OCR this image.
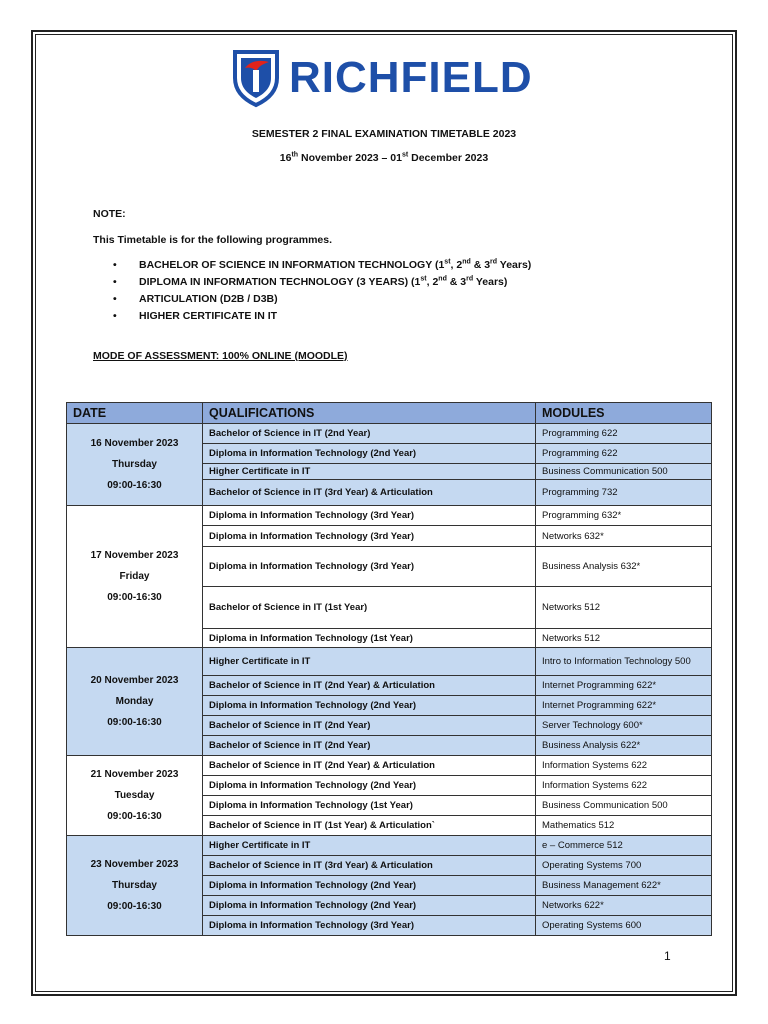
RICHFIELD
SEMESTER 2 FINAL EXAMINATION TIMETABLE 2023
16th November 2023 – 01st December 2023
NOTE:
This Timetable is for the following programmes.
• BACHELOR OF SCIENCE IN INFORMATION TECHNOLOGY (1st, 2nd & 3rd Years)
• DIPLOMA IN INFORMATION TECHNOLOGY (3 YEARS) (1st, 2nd & 3rd Years)
• ARTICULATION (D2B / D3B)
• HIGHER CERTIFICATE IN IT
MODE OF ASSESSMENT: 100% ONLINE (MOODLE)
DATE	QUALIFICATIONS	MODULES

16 November 2023
Thursday
09:00-16:30	Bachelor of Science in IT (2nd Year)	Programming 622
	Diploma in Information Technology (2nd Year)	Programming 622
	Higher Certificate in IT	Business Communication 500
	Bachelor of Science in IT (3rd Year) & Articulation	Programming 732

17 November 2023
Friday
09:00-16:30	Diploma in Information Technology (3rd Year)	Programming 632*
	Diploma in Information Technology (3rd Year)	Networks 632*
	Diploma in Information Technology (3rd Year)	Business Analysis 632*
	Bachelor of Science in IT (1st Year)	Networks 512
	Diploma in Information Technology (1st Year)	Networks 512

20 November 2023
Monday
09:00-16:30	Higher Certificate in IT	Intro to Information Technology 500
	Bachelor of Science in IT (2nd Year) & Articulation	Internet Programming 622*
	Diploma in Information Technology (2nd Year)	Internet Programming 622*
	Bachelor of Science in IT (2nd Year)	Server Technology 600*
	Bachelor of Science in IT (2nd Year)	Business Analysis 622*

21 November 2023
Tuesday
09:00-16:30	Bachelor of Science in IT (2nd Year) & Articulation	Information Systems 622
	Diploma in Information Technology (2nd Year)	Information Systems 622
	Diploma in Information Technology (1st Year)	Business Communication 500
	Bachelor of Science in IT (1st Year) & Articulation`	Mathematics 512

23 November 2023
Thursday
09:00-16:30	Higher Certificate in IT	e – Commerce 512
	Bachelor of Science in IT (3rd Year) & Articulation	Operating Systems 700
	Diploma in Information Technology (2nd Year)	Business Management 622*
	Diploma in Information Technology (2nd Year)	Networks 622*
	Diploma in Information Technology (3rd Year)	Operating Systems 600
1
